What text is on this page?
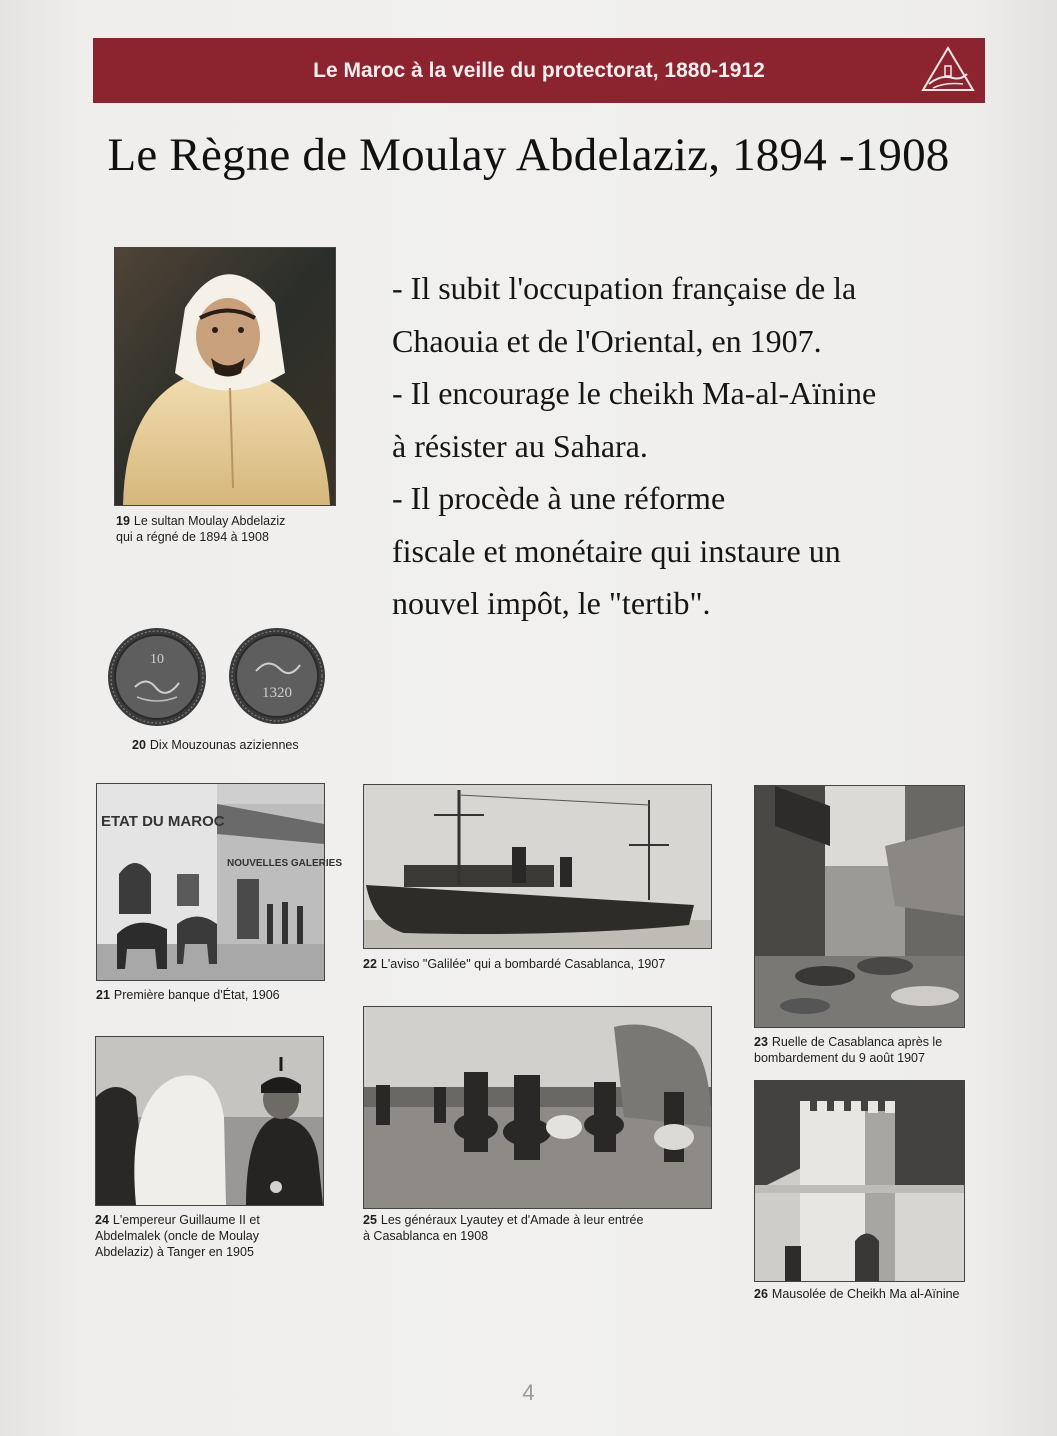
Le Maroc à la veille du protectorat, 1880-1912
Le Règne de Moulay Abdelaziz, 1894 -1908
19 Le sultan Moulay Abdelaziz
qui a régné de 1894 à 1908
- Il subit l'occupation française de la
Chaouia et de l'Oriental, en 1907.
- Il encourage le cheikh Ma-al-Aïnine
à résister au Sahara.
- Il procède à une réforme
fiscale et monétaire qui instaure un
nouvel impôt, le "tertib".
10
1320
20 Dix Mouzounas aziziennes
ETAT DU MAROC
NOUVELLES GALERIES
21 Première banque d'État, 1906
22 L'aviso "Galilée" qui a bombardé Casablanca, 1907
23 Ruelle de Casablanca après le
bombardement du 9 août 1907
24 L'empereur Guillaume II et
Abdelmalek (oncle de Moulay
Abdelaziz) à Tanger en 1905
25 Les généraux Lyautey et d'Amade à leur entrée
à Casablanca en 1908
26 Mausolée de Cheikh Ma al-Aïnine
4
